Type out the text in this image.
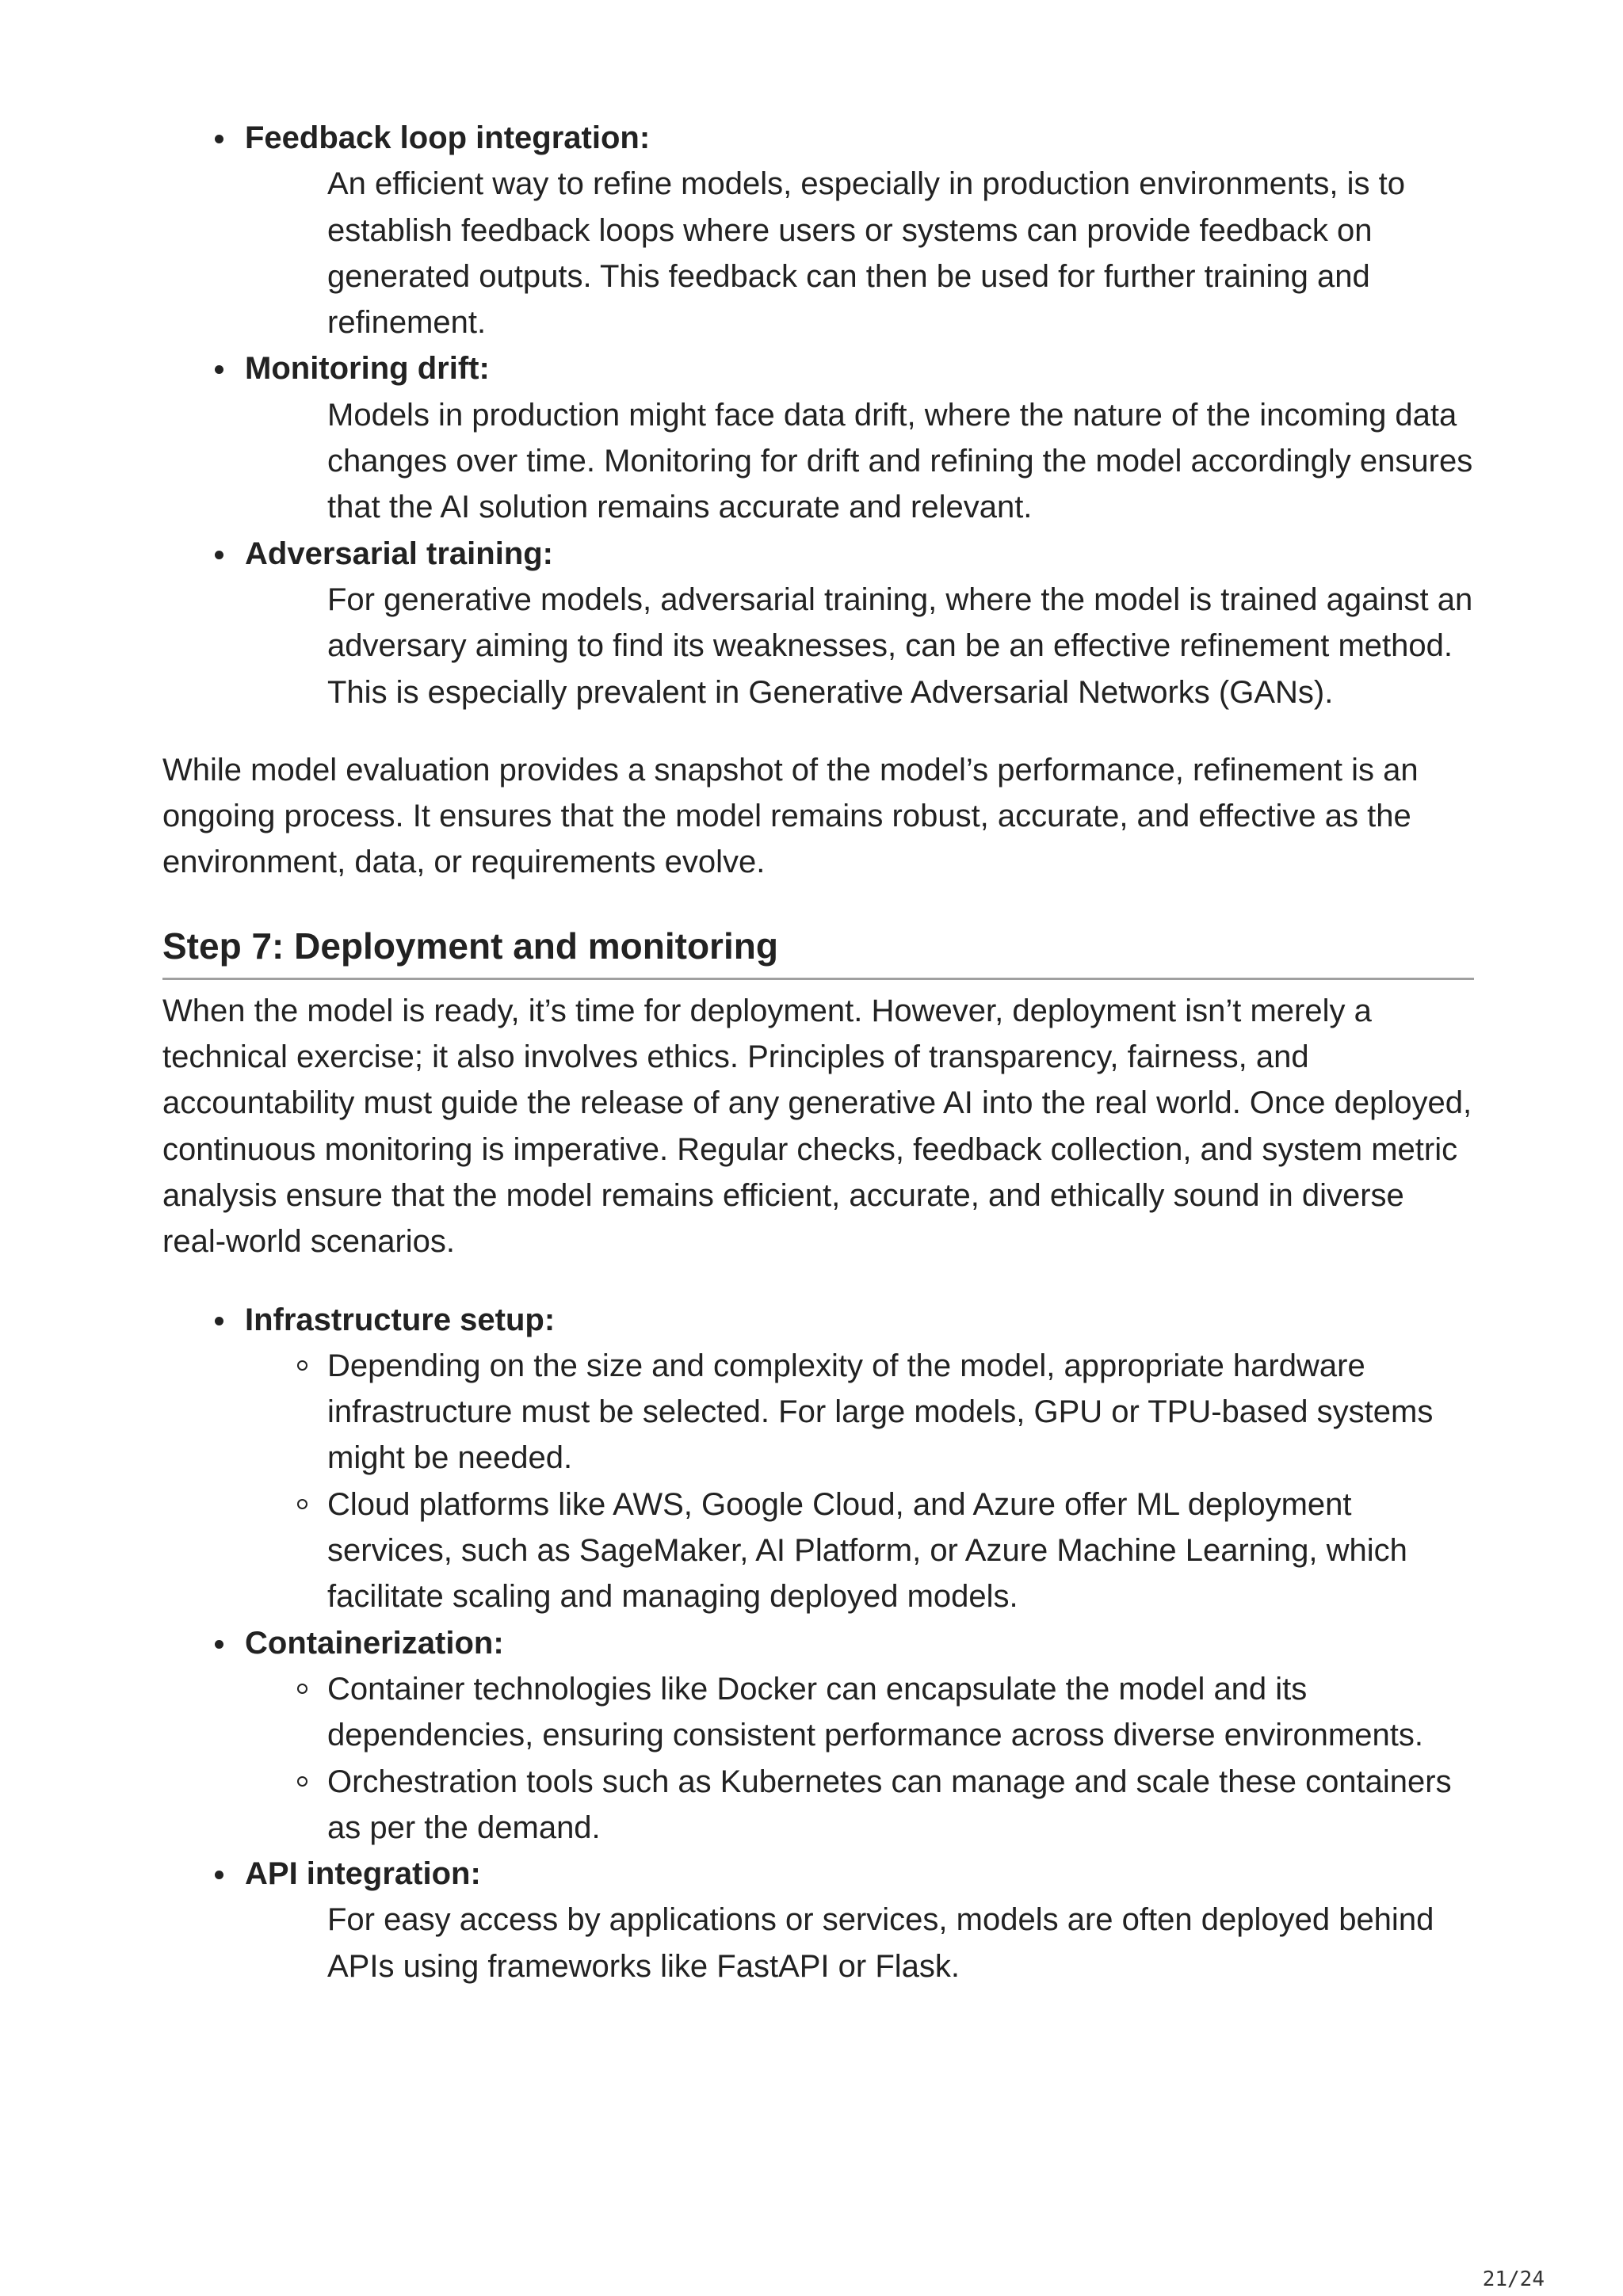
Feedback loop integration:
An efficient way to refine models, especially in production environments, is to establish feedback loops where users or systems can provide feedback on generated outputs. This feedback can then be used for further training and refinement.
Monitoring drift:
Models in production might face data drift, where the nature of the incoming data changes over time. Monitoring for drift and refining the model accordingly ensures that the AI solution remains accurate and relevant.
Adversarial training:
For generative models, adversarial training, where the model is trained against an adversary aiming to find its weaknesses, can be an effective refinement method. This is especially prevalent in Generative Adversarial Networks (GANs).

While model evaluation provides a snapshot of the model’s performance, refinement is an ongoing process. It ensures that the model remains robust, accurate, and effective as the environment, data, or requirements evolve.

Step 7: Deployment and monitoring

When the model is ready, it’s time for deployment. However, deployment isn’t merely a technical exercise; it also involves ethics. Principles of transparency, fairness, and accountability must guide the release of any generative AI into the real world. Once deployed, continuous monitoring is imperative. Regular checks, feedback collection, and system metric analysis ensure that the model remains efficient, accurate, and ethically sound in diverse real-world scenarios.

Infrastructure setup:
Depending on the size and complexity of the model, appropriate hardware infrastructure must be selected. For large models, GPU or TPU-based systems might be needed.
Cloud platforms like AWS, Google Cloud, and Azure offer ML deployment services, such as SageMaker, AI Platform, or Azure Machine Learning, which facilitate scaling and managing deployed models.
Containerization:
Container technologies like Docker can encapsulate the model and its dependencies, ensuring consistent performance across diverse environments.
Orchestration tools such as Kubernetes can manage and scale these containers as per the demand.
API integration:
For easy access by applications or services, models are often deployed behind APIs using frameworks like FastAPI or Flask.
21/24
